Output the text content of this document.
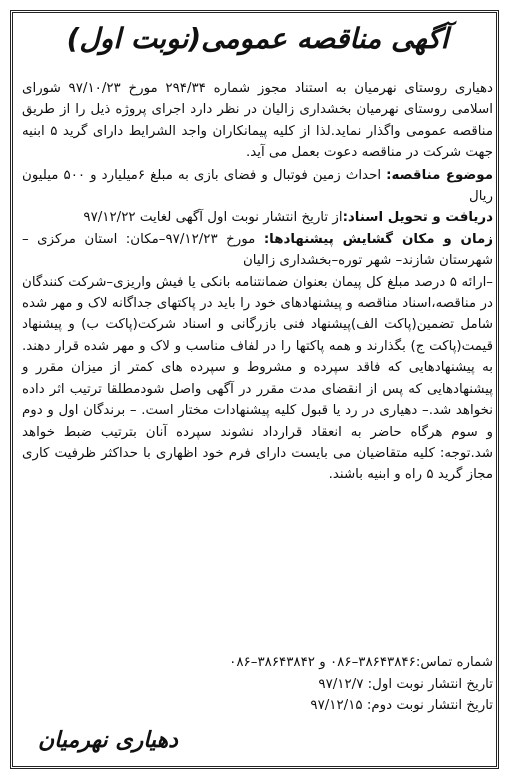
آگهی مناقصه عمومی(نوبت اول)

دهیاری روستای نهرمیان به استناد مجوز شماره ۲۹۴/۳۴ مورخ ۹۷/۱۰/۲۳ شورای اسلامی روستای نهرمیان بخشداری زالیان در نظر دارد اجرای پروژه ذیل را از طریق مناقصه عمومی واگذار نماید.لذا از کلیه پیمانکاران واجد الشرایط دارای گرید ۵ ابنیه جهت شرکت در مناقصه دعوت بعمل می آید.

موضوع مناقصه: احداث زمین فوتبال و فضای بازی به مبلغ ۶میلیارد و ۵۰۰ میلیون ریال

دریافت و تحویل اسناد:از تاریخ انتشار نوبت اول آگهی لغایت ۹۷/۱۲/۲۲

زمان و مکان گشایش پیشنهادها: مورخ ۹۷/۱۲/۲۳–مکان: استان مرکزی –شهرستان شازند– شهر توره–بخشداری زالیان

–ارائه ۵ درصد مبلغ کل پیمان بعنوان ضمانتنامه بانکی یا فیش واریزی–شرکت کنندگان در مناقصه،اسناد مناقصه و پیشنهادهای خود را باید در پاکتهای جداگانه لاک و مهر شده شامل تضمین(پاکت الف)پیشنهاد فنی بازرگانی و اسناد شرکت(پاکت ب) و پیشنهاد قیمت(پاکت ج) بگذارند و همه پاکتها را در لفاف مناسب و لاک و مهر شده قرار دهند. به پیشنهادهایی که فاقد سپرده و مشروط و سپرده های کمتر از میزان مقرر و پیشنهادهایی که پس از انقضای مدت مقرر در آگهی واصل شودمطلقا ترتیب اثر داده نخواهد شد.– دهیاری در رد یا قبول کلیه پیشنهادات مختار است. – برندگان اول و دوم و سوم هرگاه حاضر به انعقاد قرارداد نشوند سپرده آنان بترتیب ضبط خواهد شد.توجه: کلیه متقاضیان می بایست دارای فرم خود اظهاری با حداکثر ظرفیت کاری مجاز گرید ۵ راه و ابنیه باشند.

شماره تماس:۳۸۶۴۳۸۴۶–۰۸۶ و ۳۸۶۴۳۸۴۲–۰۸۶

تاریخ انتشار نوبت اول: ۹۷/۱۲/۷

تاریخ انتشار نوبت دوم: ۹۷/۱۲/۱۵

دهیاری نهرمیان
